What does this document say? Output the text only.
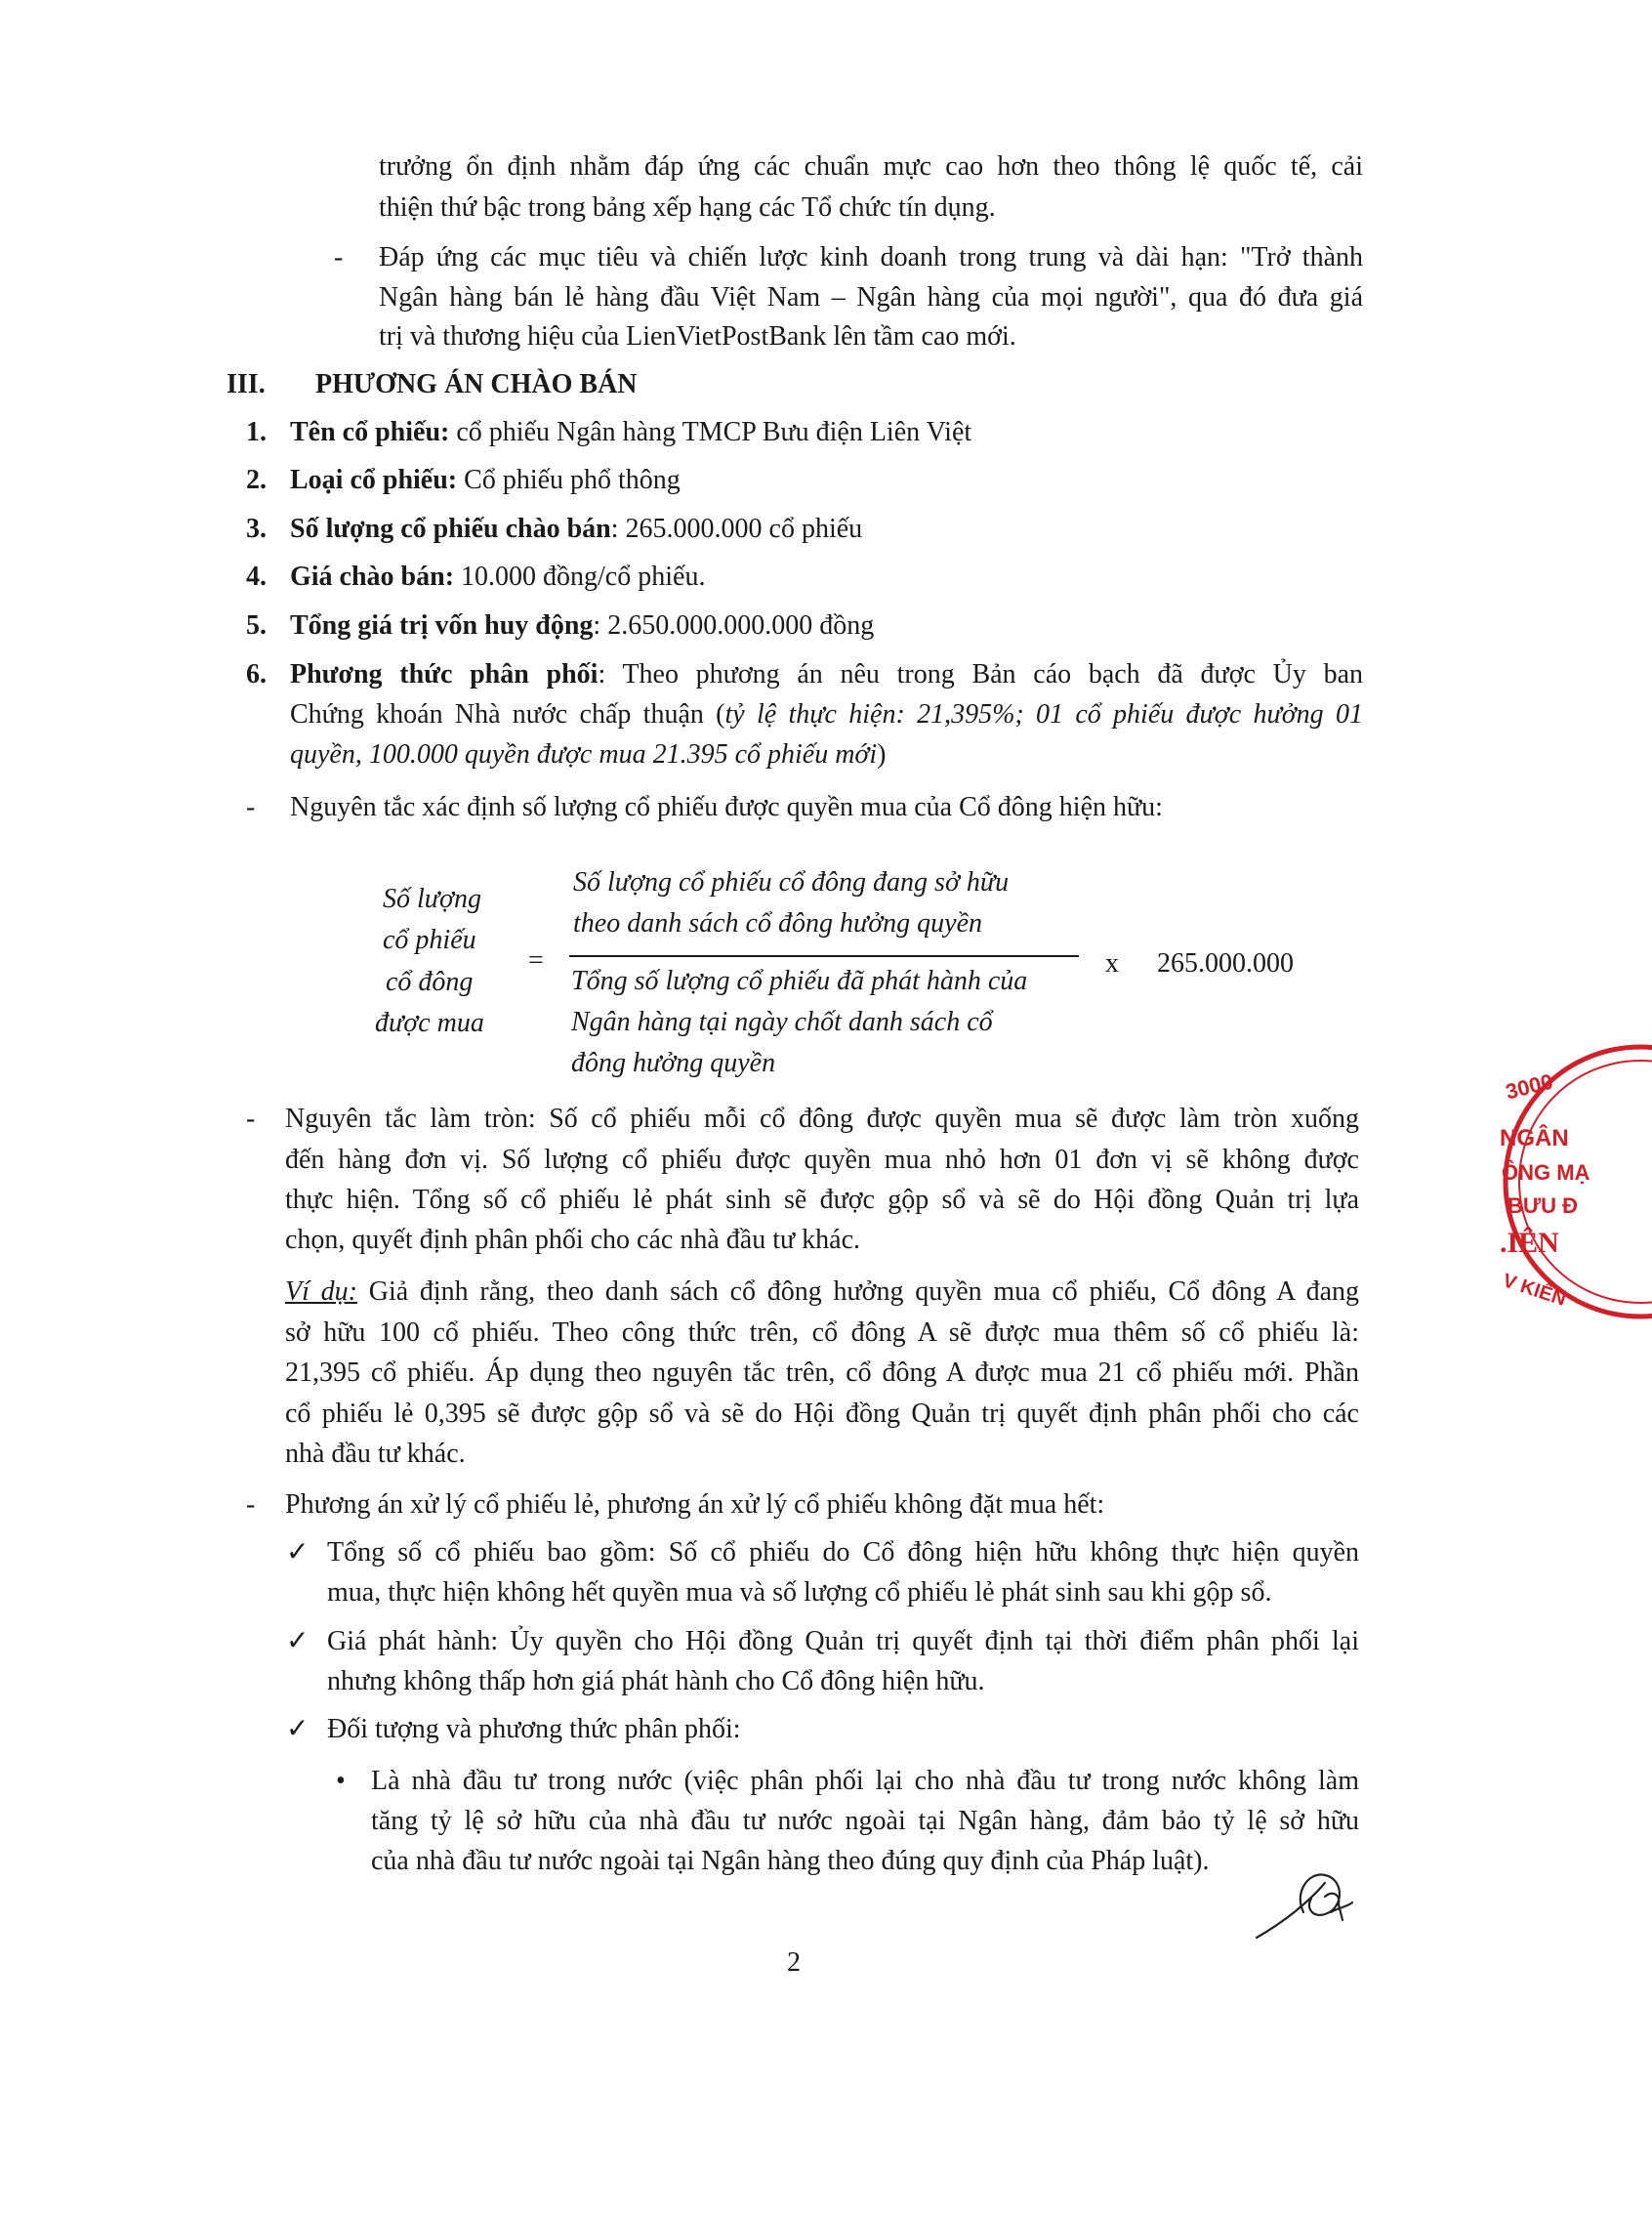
trưởng ổn định nhằm đáp ứng các chuẩn mực cao hơn theo thông lệ quốc tế, cải
thiện thứ bậc trong bảng xếp hạng các Tổ chức tín dụng.
- Đáp ứng các mục tiêu và chiến lược kinh doanh trong trung và dài hạn: "Trở thành
Ngân hàng bán lẻ hàng đầu Việt Nam – Ngân hàng của mọi người", qua đó đưa giá
trị và thương hiệu của LienVietPostBank lên tầm cao mới.
III. PHƯƠNG ÁN CHÀO BÁN
1. Tên cổ phiếu: cổ phiếu Ngân hàng TMCP Bưu điện Liên Việt
2. Loại cổ phiếu: Cổ phiếu phổ thông
3. Số lượng cổ phiếu chào bán: 265.000.000 cổ phiếu
4. Giá chào bán: 10.000 đồng/cổ phiếu.
5. Tổng giá trị vốn huy động: 2.650.000.000.000 đồng
6. Phương thức phân phối: Theo phương án nêu trong Bản cáo bạch đã được Ủy ban
Chứng khoán Nhà nước chấp thuận (tỷ lệ thực hiện: 21,395%; 01 cổ phiếu được hưởng 01
quyền, 100.000 quyền được mua 21.395 cổ phiếu mới)
- Nguyên tắc xác định số lượng cổ phiếu được quyền mua của Cổ đông hiện hữu:
Số lượng
cổ phiếu
cổ đông
được mua
=
Số lượng cổ phiếu cổ đông đang sở hữu
theo danh sách cổ đông hưởng quyền
Tổng số lượng cổ phiếu đã phát hành của
Ngân hàng tại ngày chốt danh sách cổ
đông hưởng quyền
x 265.000.000
- Nguyên tắc làm tròn: Số cổ phiếu mỗi cổ đông được quyền mua sẽ được làm tròn xuống
đến hàng đơn vị. Số lượng cổ phiếu được quyền mua nhỏ hơn 01 đơn vị sẽ không được
thực hiện. Tổng số cổ phiếu lẻ phát sinh sẽ được gộp sổ và sẽ do Hội đồng Quản trị lựa
chọn, quyết định phân phối cho các nhà đầu tư khác.
Ví dụ: Giả định rằng, theo danh sách cổ đông hưởng quyền mua cổ phiếu, Cổ đông A đang
sở hữu 100 cổ phiếu. Theo công thức trên, cổ đông A sẽ được mua thêm số cổ phiếu là:
21,395 cổ phiếu. Áp dụng theo nguyên tắc trên, cổ đông A được mua 21 cổ phiếu mới. Phần
cổ phiếu lẻ 0,395 sẽ được gộp sổ và sẽ do Hội đồng Quản trị quyết định phân phối cho các
nhà đầu tư khác.
- Phương án xử lý cổ phiếu lẻ, phương án xử lý cổ phiếu không đặt mua hết:
✓ Tổng số cổ phiếu bao gồm: Số cổ phiếu do Cổ đông hiện hữu không thực hiện quyền
mua, thực hiện không hết quyền mua và số lượng cổ phiếu lẻ phát sinh sau khi gộp sổ.
✓ Giá phát hành: Ủy quyền cho Hội đồng Quản trị quyết định tại thời điểm phân phối lại
nhưng không thấp hơn giá phát hành cho Cổ đông hiện hữu.
✓ Đối tượng và phương thức phân phối:
• Là nhà đầu tư trong nước (việc phân phối lại cho nhà đầu tư trong nước không làm
tăng tỷ lệ sở hữu của nhà đầu tư nước ngoài tại Ngân hàng, đảm bảo tỷ lệ sở hữu
của nhà đầu tư nước ngoài tại Ngân hàng theo đúng quy định của Pháp luật).
3000
NGÂN
ÔNG MẠ
BƯU Đ
.IÊN
V KIẾN
2
